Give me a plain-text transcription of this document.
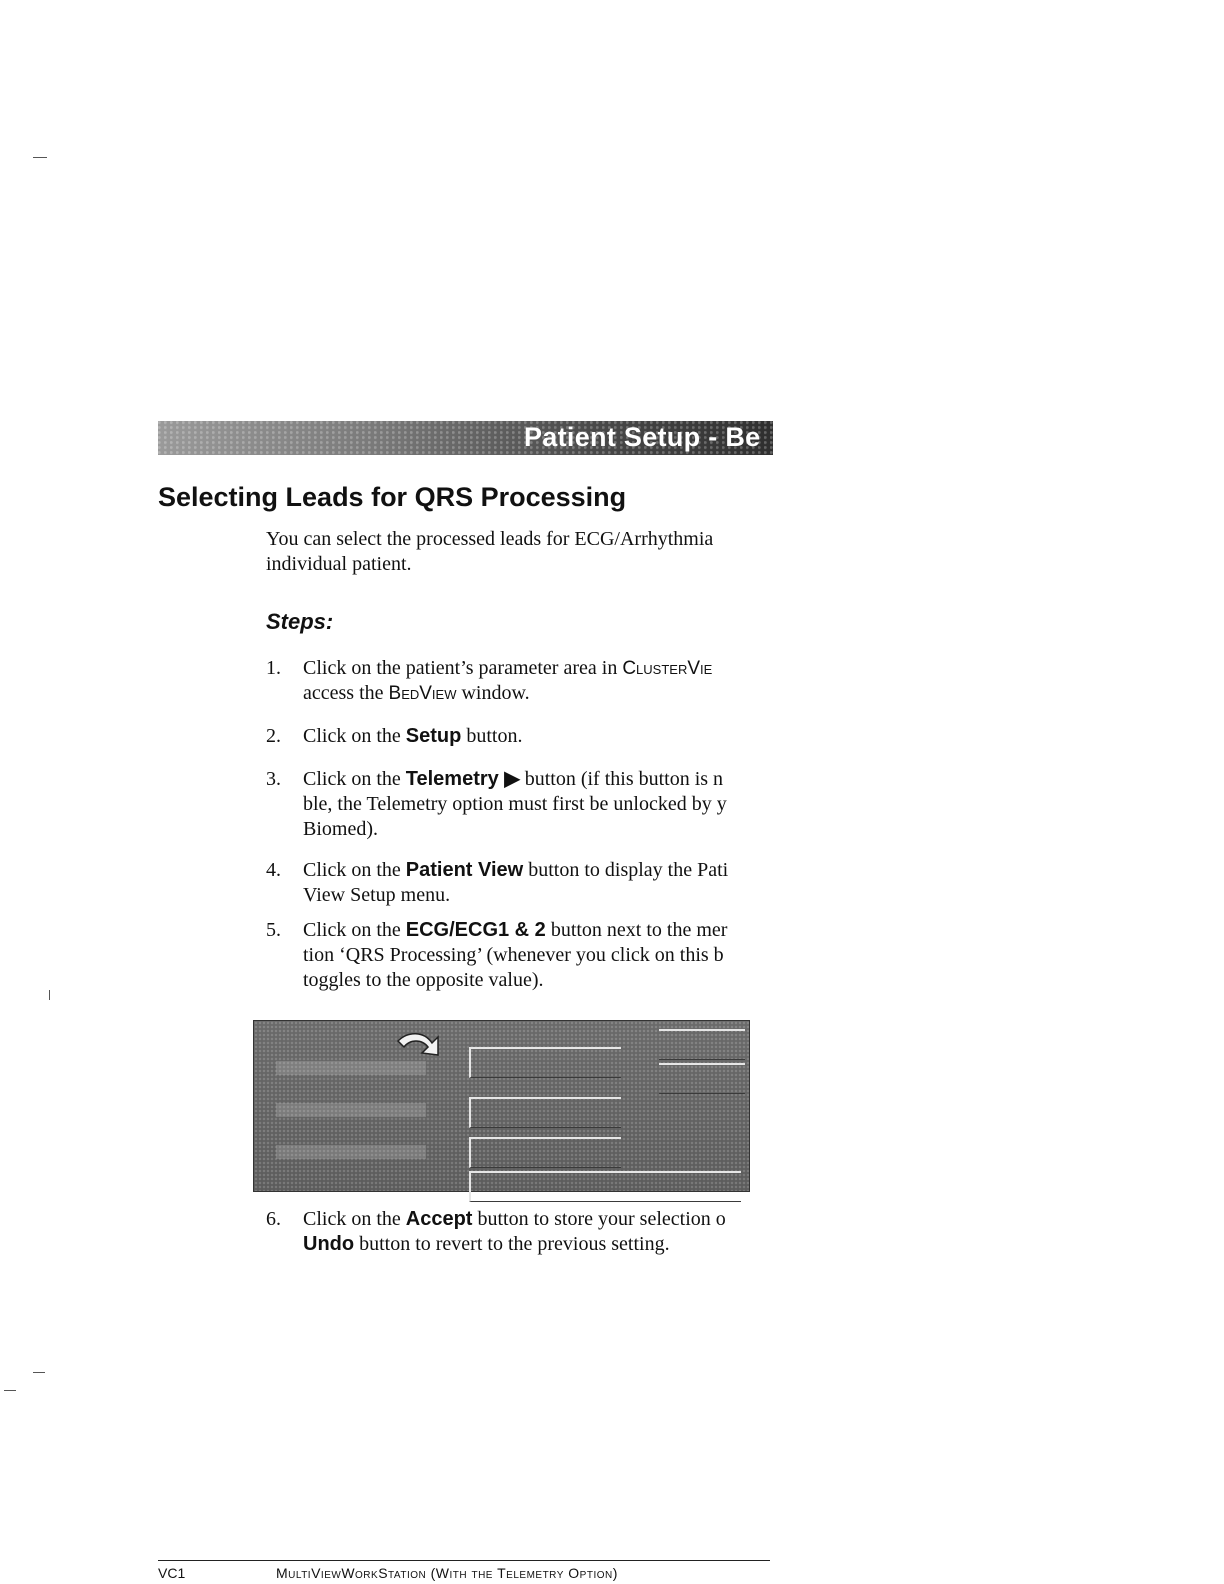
Patient Setup - Be
Selecting Leads for QRS Processing
You can select the processed leads for ECG/Arrhythmia
individual patient.
Steps:
1.	Click on the patient’s parameter area in ClusterVie
access the BedView window.
2.	Click on the Setup button.
3.	Click on the Telemetry ▶ button (if this button is n
ble, the Telemetry option must first be unlocked by y
Biomed).
4.	Click on the Patient View button to display the Pati
View Setup menu.
5.	Click on the ECG/ECG1 & 2 button next to the mer
tion ‘QRS Processing’ (whenever you click on this b
toggles to the opposite value).
6.	Click on the Accept button to store your selection o
Undo button to revert to the previous setting.
VC1	MultiViewWorkStation (With the Telemetry Option)
